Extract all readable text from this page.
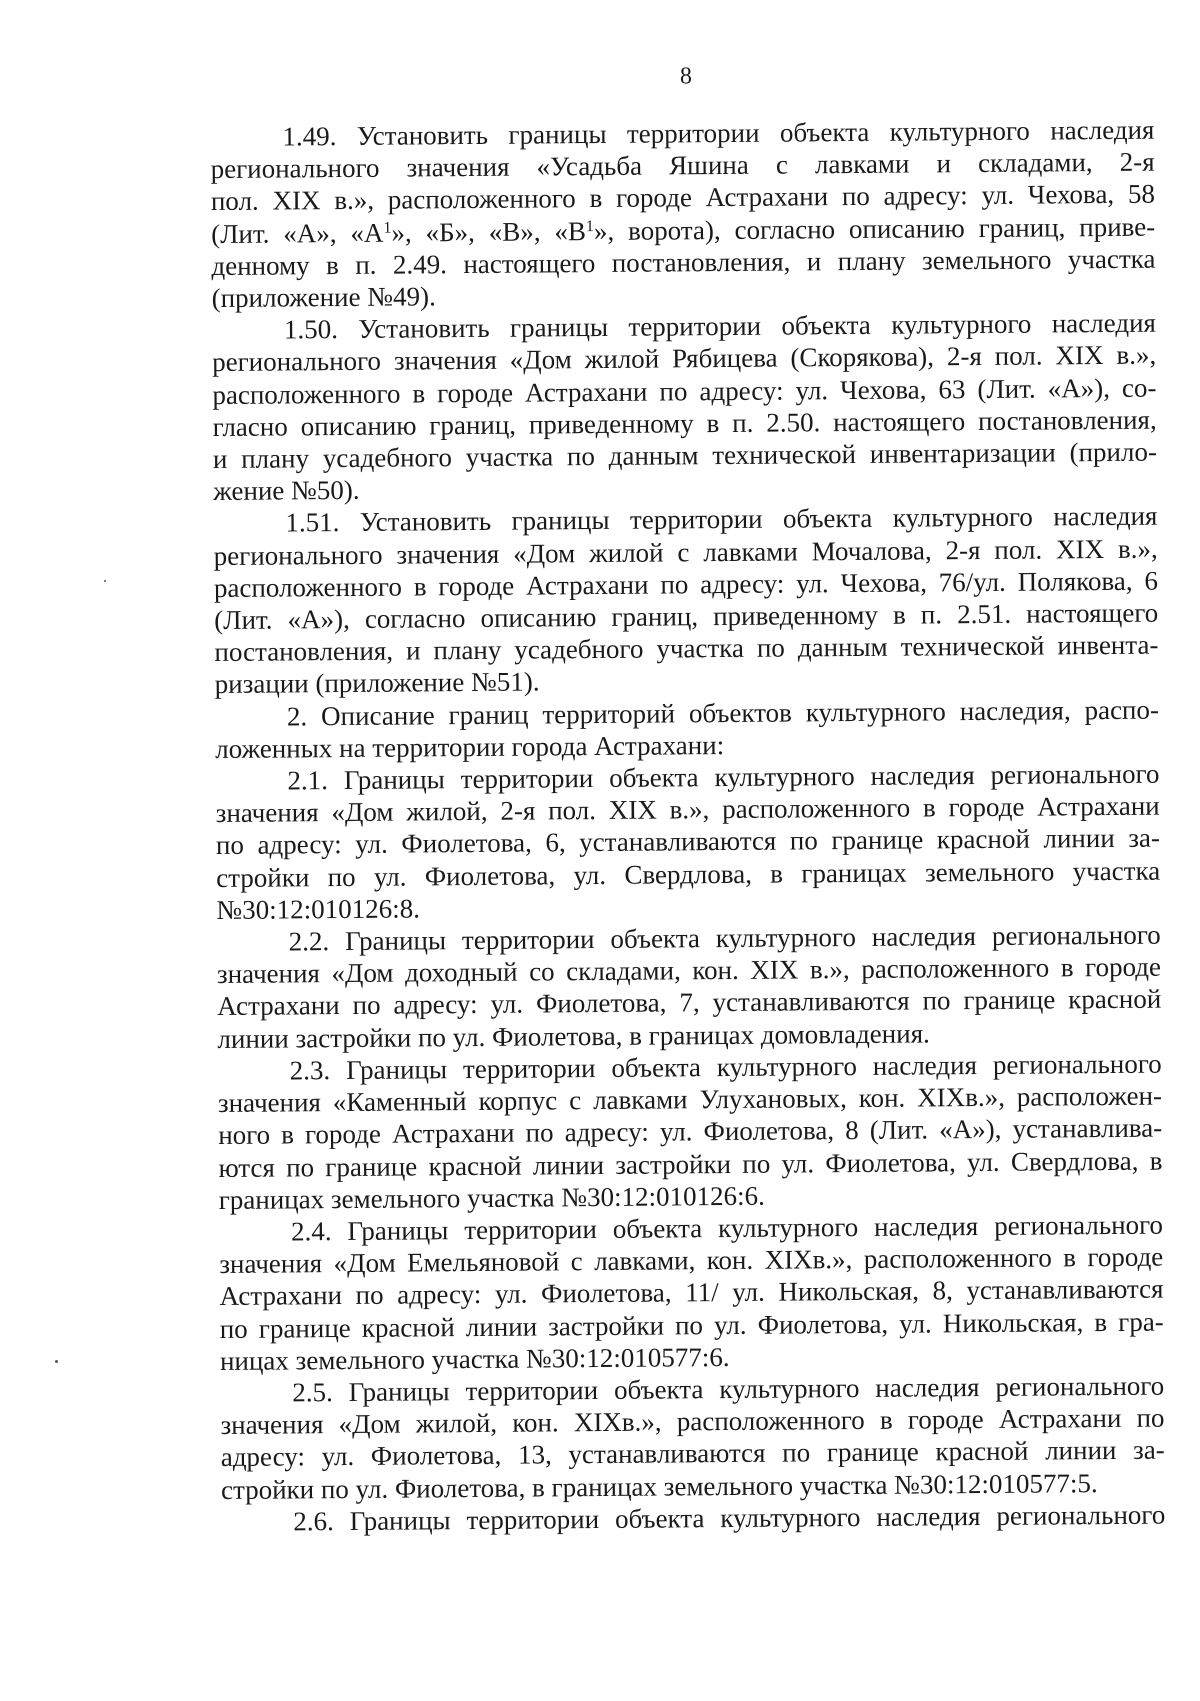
8

1.49. Установить границы территории объекта культурного наследия
регионального значения «Усадьба Яшина с лавками и складами, 2-я
пол. XIX в.», расположенного в городе Астрахани по адресу: ул. Чехова, 58
(Лит. «А», «$А^1$», «Б», «В», «$В^1$», ворота), согласно описанию границ, приве-
денному в п. 2.49. настоящего постановления, и плану земельного участка
(приложение №49).

1.50. Установить границы территории объекта культурного наследия
регионального значения «Дом жилой Рябицева (Скорякова), 2-я пол. XIX в.»,
расположенного в городе Астрахани по адресу: ул. Чехова, 63 (Лит. «А»), со-
гласно описанию границ, приведенному в п. 2.50. настоящего постановления,
и плану усадебного участка по данным технической инвентаризации (прило-
жение №50).

1.51. Установить границы территории объекта культурного наследия
регионального значения «Дом жилой с лавками Мочалова, 2-я пол. XIX в.»,
расположенного в городе Астрахани по адресу: ул. Чехова, 76/ул. Полякова, 6
(Лит. «А»), согласно описанию границ, приведенному в п. 2.51. настоящего
постановления, и плану усадебного участка по данным технической инвента-
ризации (приложение №51).

2. Описание границ территорий объектов культурного наследия, распо-
ложенных на территории города Астрахани:

2.1. Границы территории объекта культурного наследия регионального
значения «Дом жилой, 2-я пол. XIX в.», расположенного в городе Астрахани
по адресу: ул. Фиолетова, 6, устанавливаются по границе красной линии за-
стройки по ул. Фиолетова, ул. Свердлова, в границах земельного участка
№30:12:010126:8.

2.2. Границы территории объекта культурного наследия регионального
значения «Дом доходный со складами, кон. XIX в.», расположенного в городе
Астрахани по адресу: ул. Фиолетова, 7, устанавливаются по границе красной
линии застройки по ул. Фиолетова, в границах домовладения.

2.3. Границы территории объекта культурного наследия регионального
значения «Каменный корпус с лавками Улухановых, кон. XIXв.», расположен-
ного в городе Астрахани по адресу: ул. Фиолетова, 8 (Лит. «А»), устанавлива-
ются по границе красной линии застройки по ул. Фиолетова, ул. Свердлова, в
границах земельного участка №30:12:010126:6.

2.4. Границы территории объекта культурного наследия регионального
значения «Дом Емельяновой с лавками, кон. XIXв.», расположенного в городе
Астрахани по адресу: ул. Фиолетова, 11/ ул. Никольская, 8, устанавливаются
по границе красной линии застройки по ул. Фиолетова, ул. Никольская, в гра-
ницах земельного участка №30:12:010577:6.

2.5. Границы территории объекта культурного наследия регионального
значения «Дом жилой, кон. XIXв.», расположенного в городе Астрахани по
адресу: ул. Фиолетова, 13, устанавливаются по границе красной линии за-
стройки по ул. Фиолетова, в границах земельного участка №30:12:010577:5.

2.6. Границы территории объекта культурного наследия регионального
